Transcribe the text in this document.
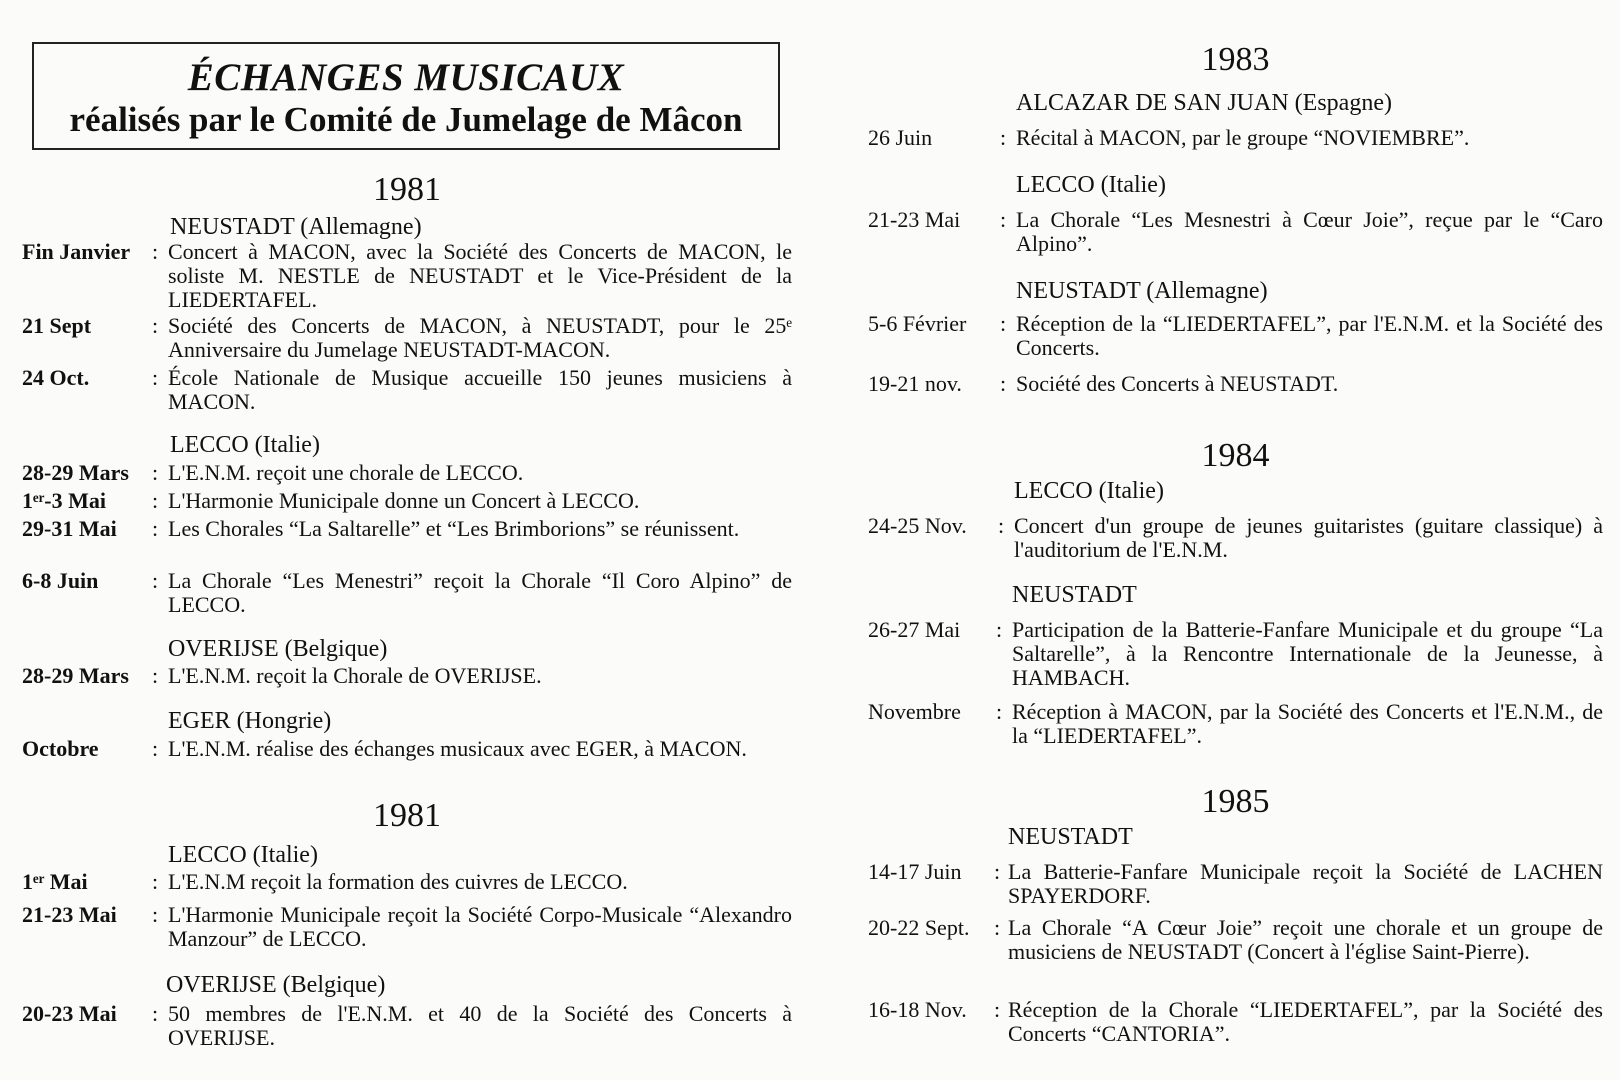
ÉCHANGES MUSICAUX
réalisés par le Comité de Jumelage de Mâcon
1981
NEUSTADT (Allemagne)
Fin Janvier : Concert à MACON, avec la Société des Concerts de MACON, le soliste M. NESTLE de NEUSTADT et le Vice-Président de la LIEDERTAFEL.
21 Sept	: Société des Concerts de MACON, à NEUSTADT, pour le 25ᵉ Anniversaire du Jumelage NEUSTADT-MACON.
24 Oct.	: École Nationale de Musique accueille 150 jeunes musiciens à MACON.
LECCO (Italie)
28-29 Mars : L'E.N.M. reçoit une chorale de LECCO.
1ᵉʳ-3 Mai : L'Harmonie Municipale donne un Concert à LECCO.
29-31 Mai : Les Chorales “La Saltarelle” et “Les Brimborions” se réunissent.
6-8 Juin : La Chorale “Les Menestri” reçoit la Chorale “Il Coro Alpino” de LECCO.
OVERIJSE (Belgique)
28-29 Mars : L'E.N.M. reçoit la Chorale de OVERIJSE.
EGER (Hongrie)
Octobre : L'E.N.M. réalise des échanges musicaux avec EGER, à MACON.
1981
LECCO (Italie)
1ᵉʳ Mai	: L'E.N.M reçoit la formation des cuivres de LECCO.
21-23 Mai : L'Harmonie Municipale reçoit la Société Corpo-Musicale “Alexandro Manzour” de LECCO.
OVERIJSE (Belgique)
20-23 Mai : 50 membres de l'E.N.M. et 40 de la Société des Concerts à OVERIJSE.
1983
ALCAZAR DE SAN JUAN (Espagne)
26 Juin	: Récital à MACON, par le groupe “NOVIEMBRE”.
LECCO (Italie)
21-23 Mai : La Chorale “Les Mesnestri à Cœur Joie”, reçue par le “Caro Alpino”.
NEUSTADT (Allemagne)
5-6 Février : Réception de la “LIEDERTAFEL”, par l'E.N.M. et la Société des Concerts.
19-21 nov. : Société des Concerts à NEUSTADT.
1984
LECCO (Italie)
24-25 Nov. : Concert d'un groupe de jeunes guitaristes (guitare classique) à l'auditorium de l'E.N.M.
NEUSTADT
26-27 Mai : Participation de la Batterie-Fanfare Municipale et du groupe “La Saltarelle”, à la Rencontre Internationale de la Jeunesse, à HAMBACH.
Novembre : Réception à MACON, par la Société des Concerts et l'E.N.M., de la “LIEDERTAFEL”.
1985
NEUSTADT
14-17 Juin : La Batterie-Fanfare Municipale reçoit la Société de LACHEN SPAYERDORF.
20-22 Sept. : La Chorale “A Cœur Joie” reçoit une chorale et un groupe de musiciens de NEUSTADT (Concert à l'église Saint-Pierre).
16-18 Nov. : Réception de la Chorale “LIEDERTAFEL”, par la Société des Concerts “CANTORIA”.
